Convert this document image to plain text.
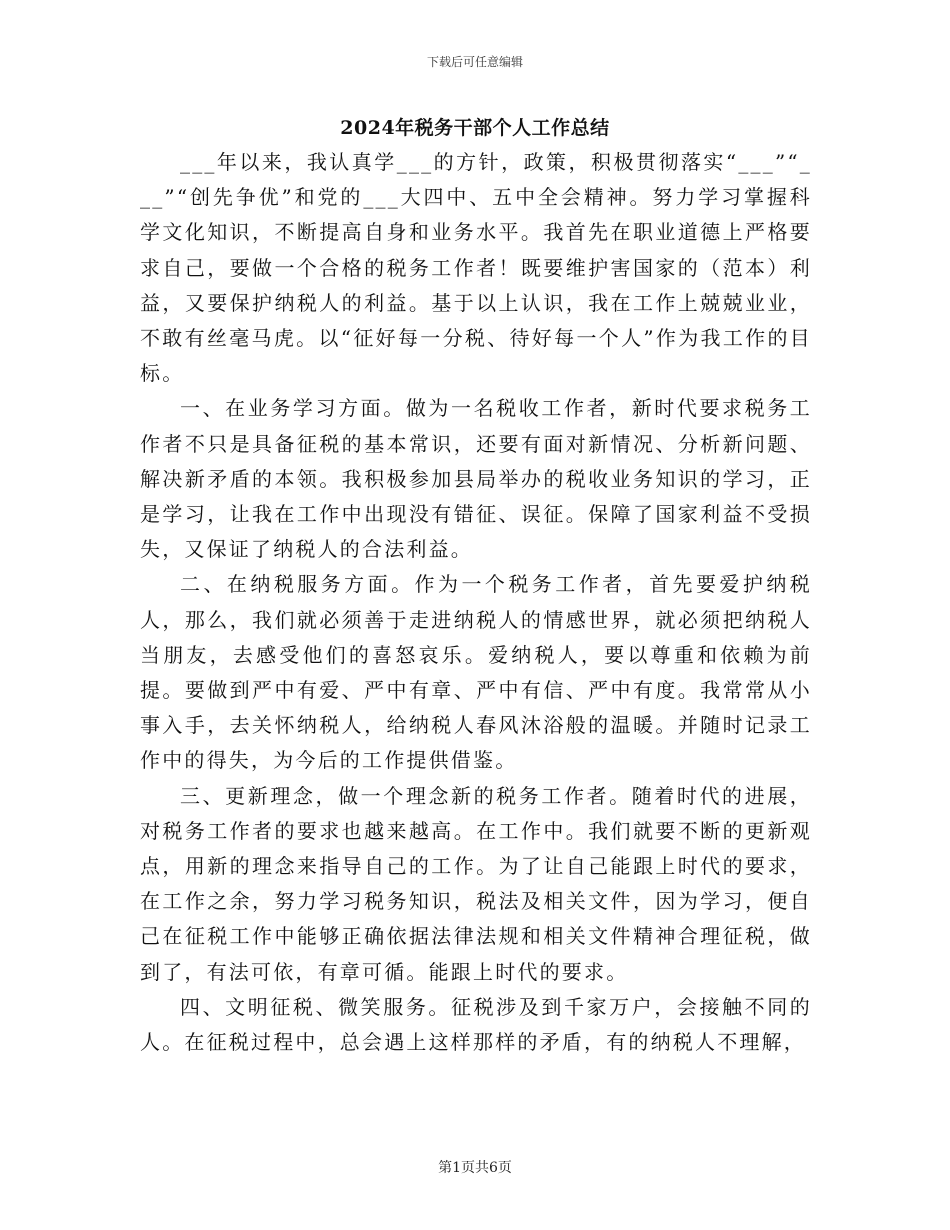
下载后可任意编辑
2024年税务干部个人工作总结

___年以来，我认真学___的方针，政策，积极贯彻落实“___”“___”“创先争优”和党的___大四中、五中全会精神。努力学习掌握科学文化知识，不断提高自身和业务水平。我首先在职业道德上严格要求自己，要做一个合格的税务工作者！既要维护害国家的（范本）利益，又要保护纳税人的利益。基于以上认识，我在工作上兢兢业业，不敢有丝毫马虎。以“征好每一分税、待好每一个人”作为我工作的目标。

一、在业务学习方面。做为一名税收工作者，新时代要求税务工作者不只是具备征税的基本常识，还要有面对新情况、分析新问题、解决新矛盾的本领。我积极参加县局举办的税收业务知识的学习，正是学习，让我在工作中出现没有错征、误征。保障了国家利益不受损失，又保证了纳税人的合法利益。

二、在纳税服务方面。作为一个税务工作者，首先要爱护纳税人，那么，我们就必须善于走进纳税人的情感世界，就必须把纳税人当朋友，去感受他们的喜怒哀乐。爱纳税人，要以尊重和依赖为前提。要做到严中有爱、严中有章、严中有信、严中有度。我常常从小事入手，去关怀纳税人，给纳税人春风沐浴般的温暖。并随时记录工作中的得失，为今后的工作提供借鉴。

三、更新理念，做一个理念新的税务工作者。随着时代的进展，对税务工作者的要求也越来越高。在工作中。我们就要不断的更新观点，用新的理念来指导自己的工作。为了让自己能跟上时代的要求，在工作之余，努力学习税务知识，税法及相关文件，因为学习，便自己在征税工作中能够正确依据法律法规和相关文件精神合理征税，做到了，有法可依，有章可循。能跟上时代的要求。

四、文明征税、微笑服务。征税涉及到千家万户，会接触不同的人。在征税过程中，总会遇上这样那样的矛盾，有的纳税人不理解，

第1页共6页
